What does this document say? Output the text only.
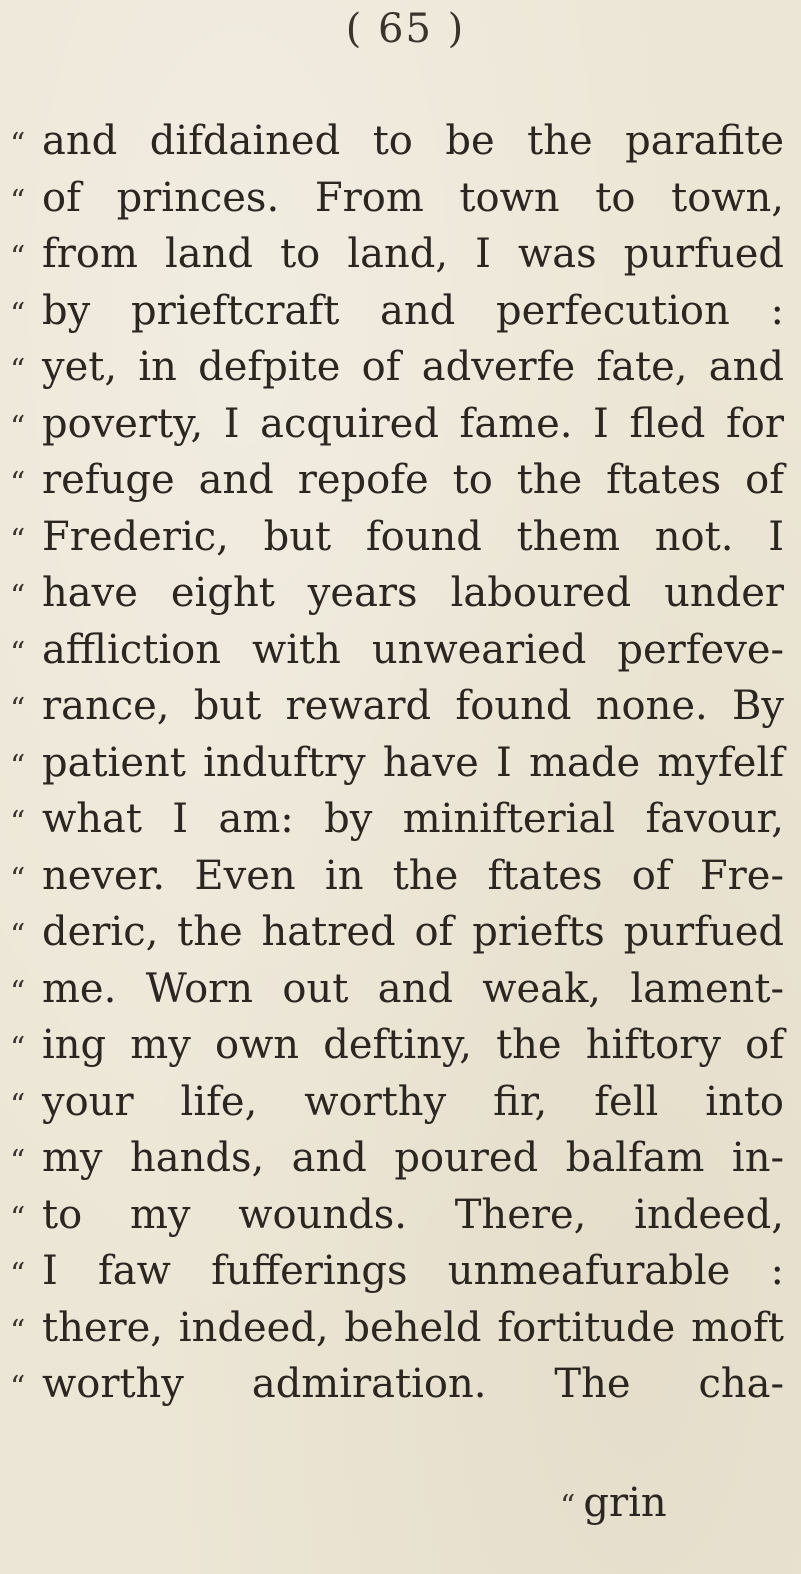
( 65 )
“ and difdained to be the parafite
“ of princes. From town to town,
“ from land to land, I was purfued
“ by prieftcraft and perfecution :
“ yet, in defpite of adverfe fate, and
“ poverty, I acquired fame. I fled for
“ refuge and repofe to the ftates of
“ Frederic, but found them not. I
“ have eight years laboured under
“ affliction with unwearied perfeve-
“ rance, but reward found none. By
“ patient induftry have I made myfelf
“ what I am: by minifterial favour,
“ never. Even in the ftates of Fre-
“ deric, the hatred of priefts purfued
“ me. Worn out and weak, lament-
“ ing my own deftiny, the hiftory of
“ your life, worthy fir, fell into
“ my hands, and poured balfam in-
“ to my wounds. There, indeed,
“ I faw fufferings unmeafurable :
“ there, indeed, beheld fortitude moft
“ worthy admiration. The cha-
“ grin
